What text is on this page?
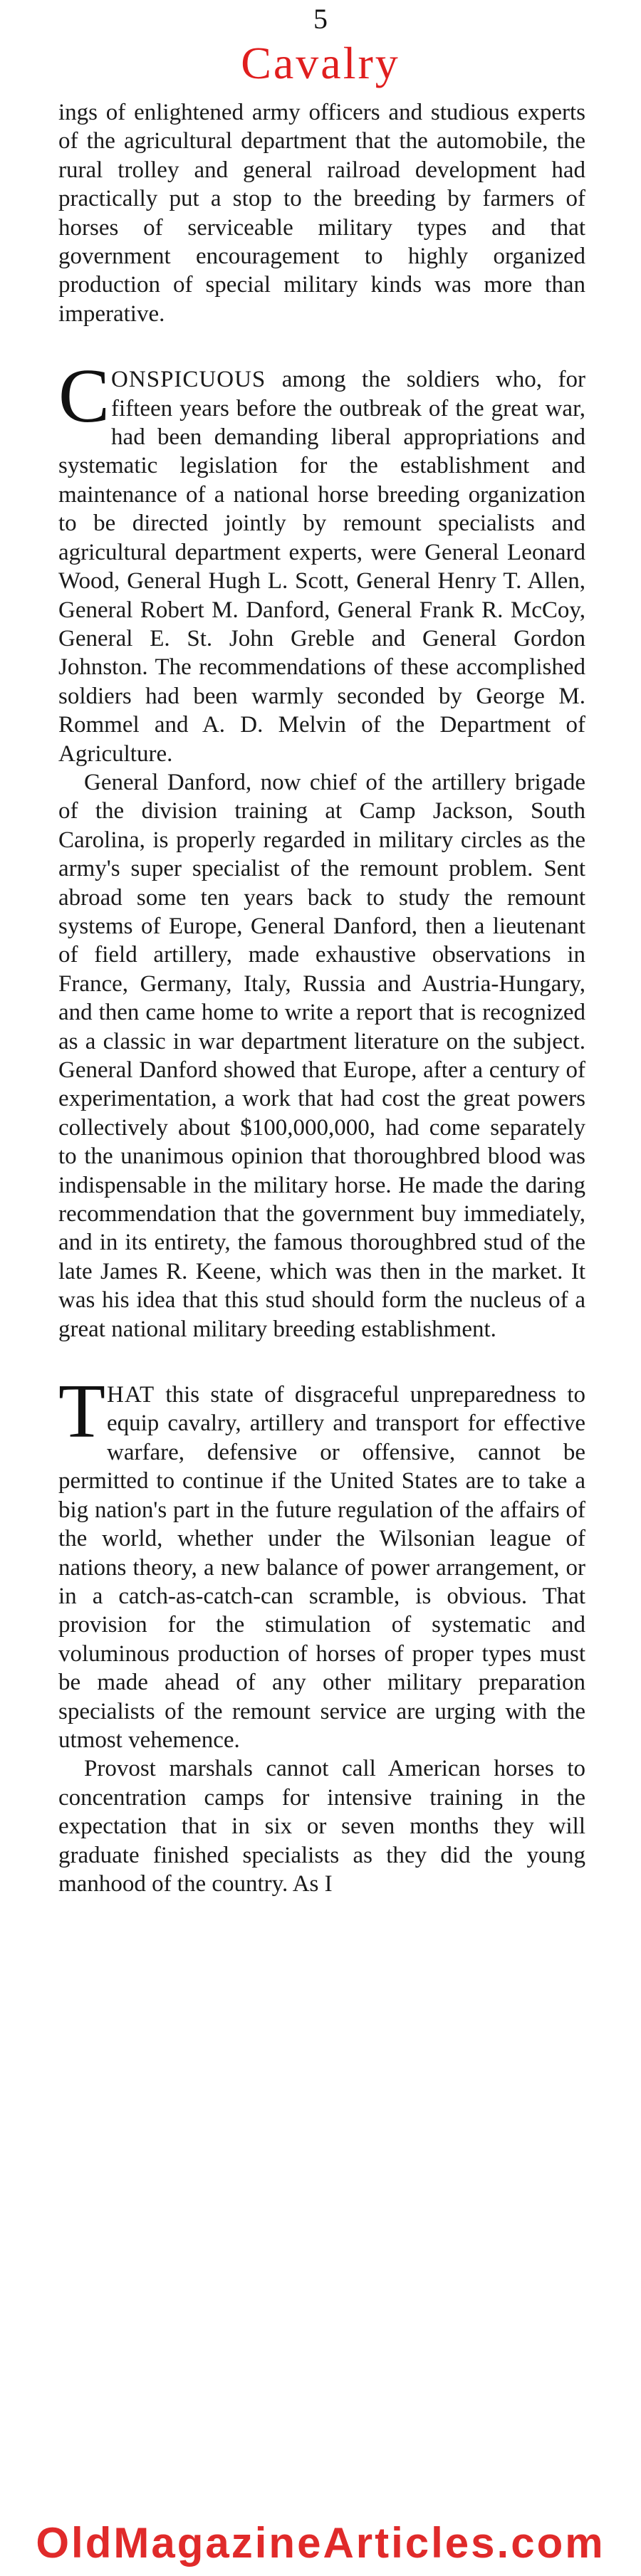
5
Cavalry

ings of enlightened army officers and studious experts of the agricultural department that the automobile, the rural trolley and general railroad development had practically put a stop to the breeding by farmers of horses of serviceable military types and that government encouragement to highly organized production of special military kinds was more than imperative.

CONSPICUOUS among the soldiers who, for fifteen years before the outbreak of the great war, had been demanding liberal appropriations and systematic legislation for the establishment and maintenance of a national horse breeding organization to be directed jointly by remount specialists and agricultural department experts, were General Leonard Wood, General Hugh L. Scott, General Henry T. Allen, General Robert M. Danford, General Frank R. McCoy, General E. St. John Greble and General Gordon Johnston. The recommendations of these accomplished soldiers had been warmly seconded by George M. Rommel and A. D. Melvin of the Department of Agriculture.

General Danford, now chief of the artillery brigade of the division training at Camp Jackson, South Carolina, is properly regarded in military circles as the army's super specialist of the remount problem. Sent abroad some ten years back to study the remount systems of Europe, General Danford, then a lieutenant of field artillery, made exhaustive observations in France, Germany, Italy, Russia and Austria-Hungary, and then came home to write a report that is recognized as a classic in war department literature on the subject. General Danford showed that Europe, after a century of experimentation, a work that had cost the great powers collectively about $100,000,000, had come separately to the unanimous opinion that thoroughbred blood was indispensable in the military horse. He made the daring recommendation that the government buy immediately, and in its entirety, the famous thoroughbred stud of the late James R. Keene, which was then in the market. It was his idea that this stud should form the nucleus of a great national military breeding establishment.

THAT this state of disgraceful unpreparedness to equip cavalry, artillery and transport for effective warfare, defensive or offensive, cannot be permitted to continue if the United States are to take a big nation's part in the future regulation of the affairs of the world, whether under the Wilsonian league of nations theory, a new balance of power arrangement, or in a catch-as-catch-can scramble, is obvious. That provision for the stimulation of systematic and voluminous production of horses of proper types must be made ahead of any other military preparation specialists of the remount service are urging with the utmost vehemence.

Provost marshals cannot call American horses to concentration camps for intensive training in the expectation that in six or seven months they will graduate finished specialists as they did the young manhood of the country. As I

OldMagazineArticles.com
